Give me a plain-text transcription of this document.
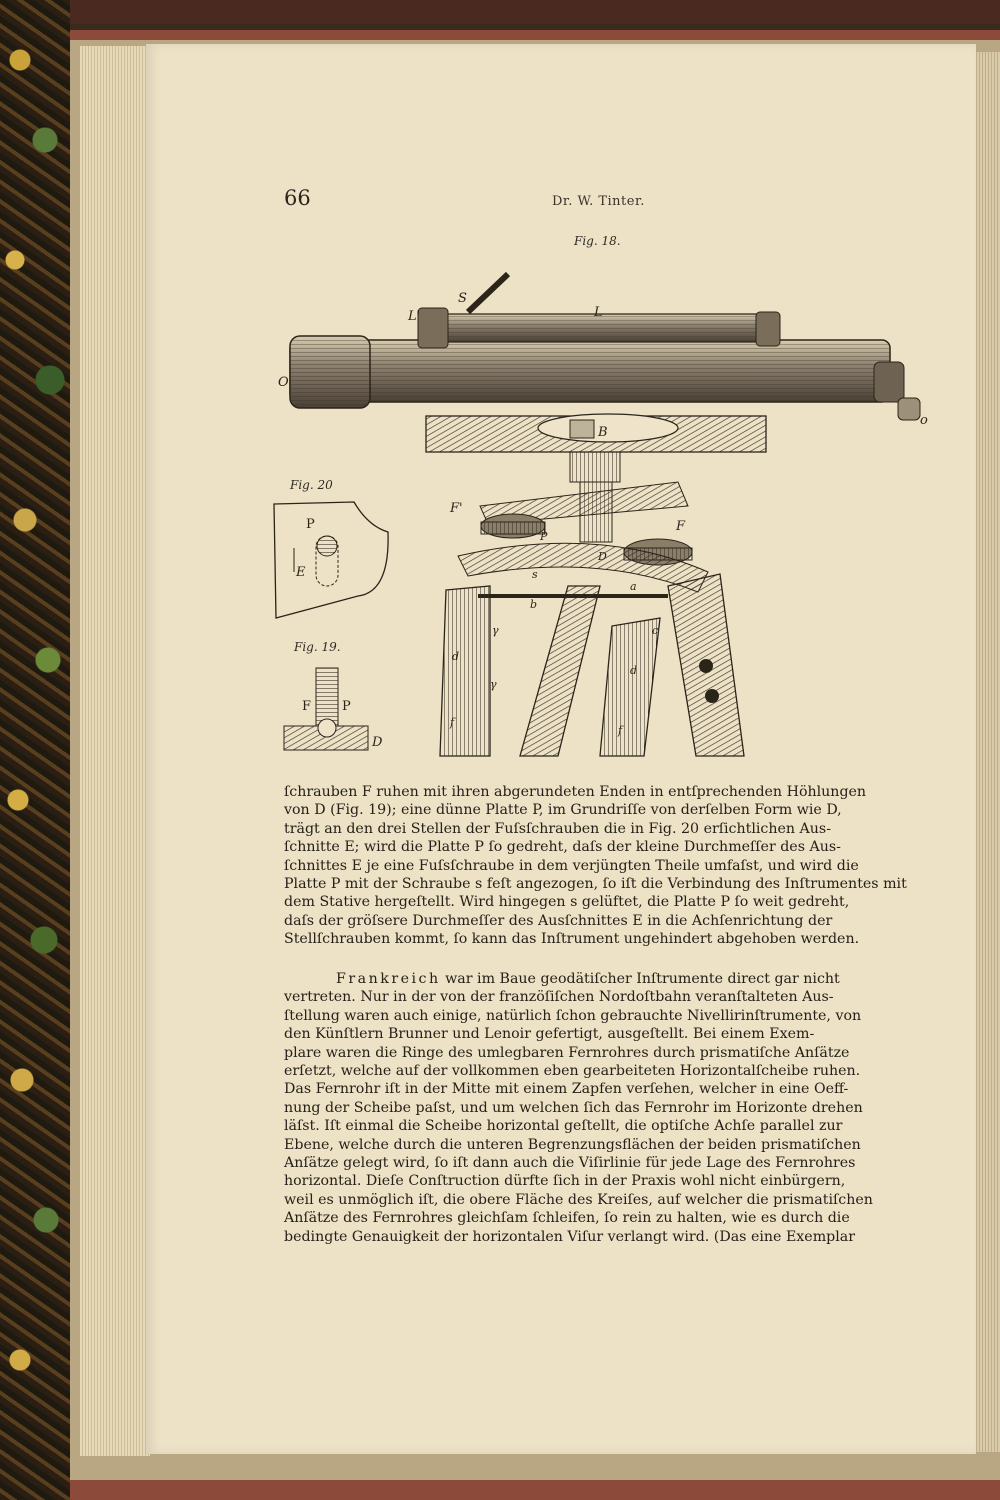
66	Dr. W. Tinter.
Fig. 18.
Fig. 20
Fig. 19.
S
L'	L
O
o
B
F'
F
P
D
s
b
a
c
γ
γ
d
d
f
f
P
E
F P
D

ſchrauben F ruhen mit ihren abgerundeten Enden in entſprechenden Höhlungen

von D (Fig. 19); eine dünne Platte P, im Grundriſſe von derſelben Form wie D,

trägt an den drei Stellen der Fuſsſchrauben die in Fig. 20 erſichtlichen Aus-

ſchnitte E; wird die Platte P ſo gedreht, daſs der kleine Durchmeſſer des Aus-

ſchnittes E je eine Fuſsſchraube in dem verjüngten Theile umfaſst, und wird die

Platte P mit der Schraube s feſt angezogen, ſo iſt die Verbindung des Inſtrumentes mit

dem Stative hergeſtellt. Wird hingegen s gelüftet, die Platte P ſo weit gedreht,

daſs der gröſsere Durchmeſſer des Ausſchnittes E in die Achſenrichtung der

Stellſchrauben kommt, ſo kann das Inſtrument ungehindert abgehoben werden.

Frankreich war im Baue geodätiſcher Inſtrumente direct gar nicht

vertreten. Nur in der von der franzöſiſchen Nordoſtbahn veranſtalteten Aus-

ſtellung waren auch einige, natürlich ſchon gebrauchte Nivellirinſtrumente, von

den Künſtlern Brunner und Lenoir gefertigt, ausgeſtellt. Bei einem Exem-

plare waren die Ringe des umlegbaren Fernrohres durch prismatiſche Anſätze

erſetzt, welche auf der vollkommen eben gearbeiteten Horizontalſcheibe ruhen.

Das Fernrohr iſt in der Mitte mit einem Zapfen verſehen, welcher in eine Oeff-

nung der Scheibe paſst, und um welchen ſich das Fernrohr im Horizonte drehen

läſst. Iſt einmal die Scheibe horizontal geſtellt, die optiſche Achſe parallel zur

Ebene, welche durch die unteren Begrenzungsflächen der beiden prismatiſchen

Anſätze gelegt wird, ſo iſt dann auch die Viſirlinie für jede Lage des Fernrohres

horizontal. Dieſe Conſtruction dürfte ſich in der Praxis wohl nicht einbürgern,

weil es unmöglich iſt, die obere Fläche des Kreiſes, auf welcher die prismatiſchen

Anſätze des Fernrohres gleichſam ſchleifen, ſo rein zu halten, wie es durch die

bedingte Genauigkeit der horizontalen Viſur verlangt wird. (Das eine Exemplar
